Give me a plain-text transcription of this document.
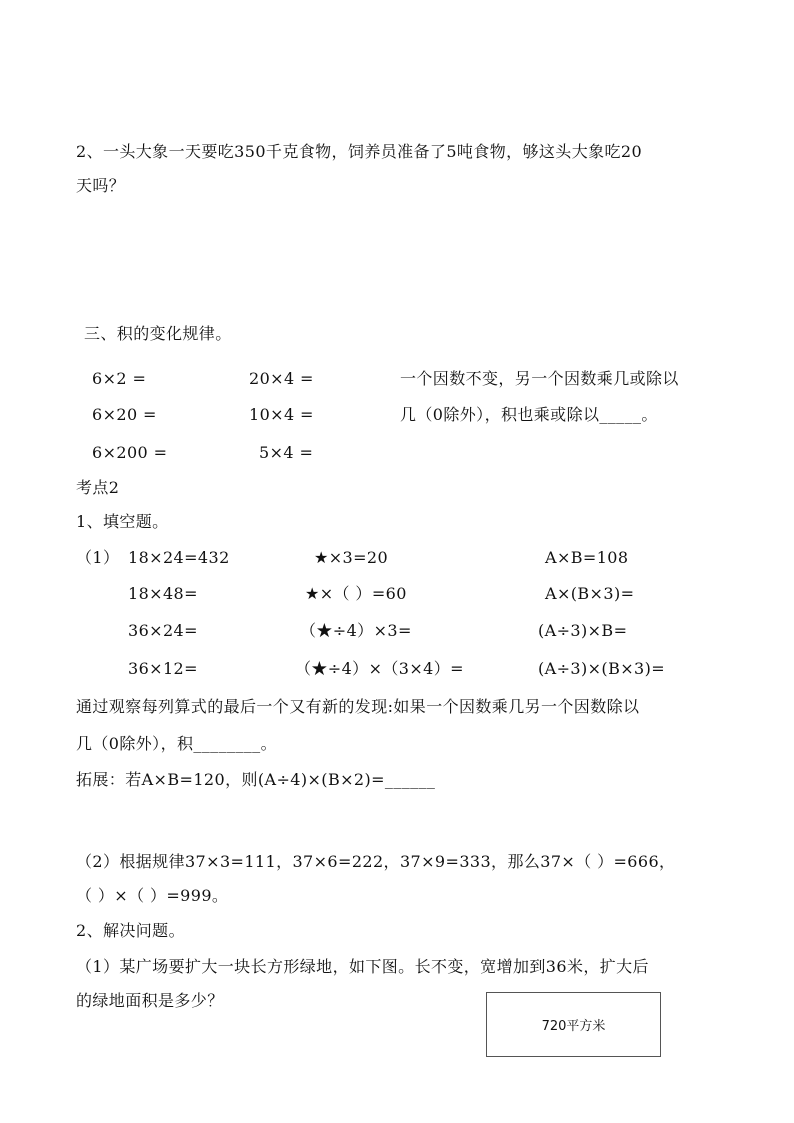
2、一头大象一天要吃350千克食物，饲养员准备了5吨食物，够这头大象吃20
天吗？
三、积的变化规律。
6×2 =
6×20 =
6×200 =
20×4 =
10×4 =
5×4 =
一个因数不变，另一个因数乘几或除以
几（0除外），积也乘或除以_____。
考点2
1、填空题。
（1） 18×24=432
18×48=
36×24=
36×12=
★×3=20
★×（ ）=60
（★÷4）×3=
（★÷4）×（3×4）=
A×B=108
A×(B×3)=
(A÷3)×B=
(A÷3)×(B×3)=
通过观察每列算式的最后一个又有新的发现:如果一个因数乘几另一个因数除以
几（0除外），积________。
拓展：若A×B=120，则(A÷4)×(B×2)=______
（2）根据规律37×3=111，37×6=222，37×9=333，那么37×（ ）=666，
（ ）×（ ）=999。
2、解决问题。
（1）某广场要扩大一块长方形绿地，如下图。长不变，宽增加到36米，扩大后
的绿地面积是多少？
720平方米
